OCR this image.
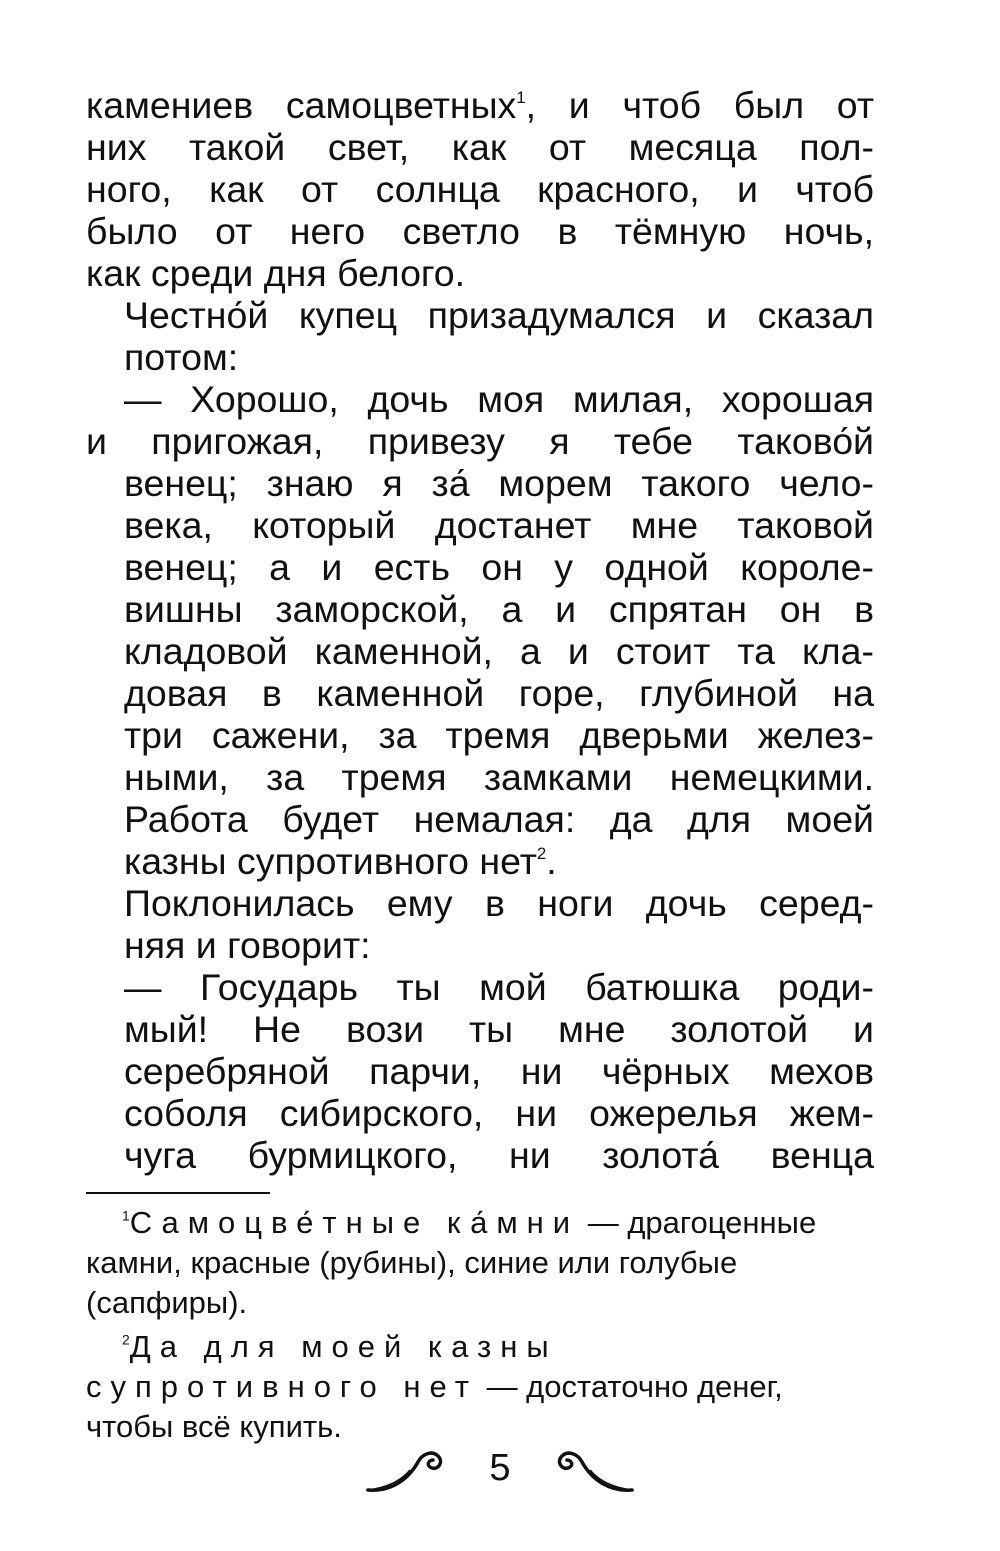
камениев самоцветных$^1$, и чтоб был от
них такой свет, как от месяца пол-
ного, как от солнца красного, и чтоб
было от него светло в тёмную ночь,
как среди дня белого.

Честно́й купец призадумался и сказал
потом:

— Хорошо, дочь моя милая, хорошая
и пригожая, привезу я тебе таково́й
венец; знаю я за́ морем такого чело-
века, который достанет мне таковой
венец; а и есть он у одной короле-
вишны заморской, а и спрятан он в
кладовой каменной, а и стоит та кла-
довая в каменной горе, глубиной на
три сажени, за тремя дверьми желез-
ными, за тремя замками немецкими.
Работа будет немалая: да для моей
казны супротивного нет$^2$.

Поклонилась ему в ноги дочь серед-
няя и говорит:

— Государь ты мой батюшка роди-
мый! Не вози ты мне золотой и
серебряной парчи, ни чёрных мехов
соболя сибирского, ни ожерелья жем-
чуга бурмицкого, ни золота́ венца

$^1$Самоцве́тные ка́мни — драгоценные камни, красные (рубины), синие или голубые (сапфиры).

$^2$Да для моей казны супротивного нет — достаточно денег, чтобы всё купить.

5
